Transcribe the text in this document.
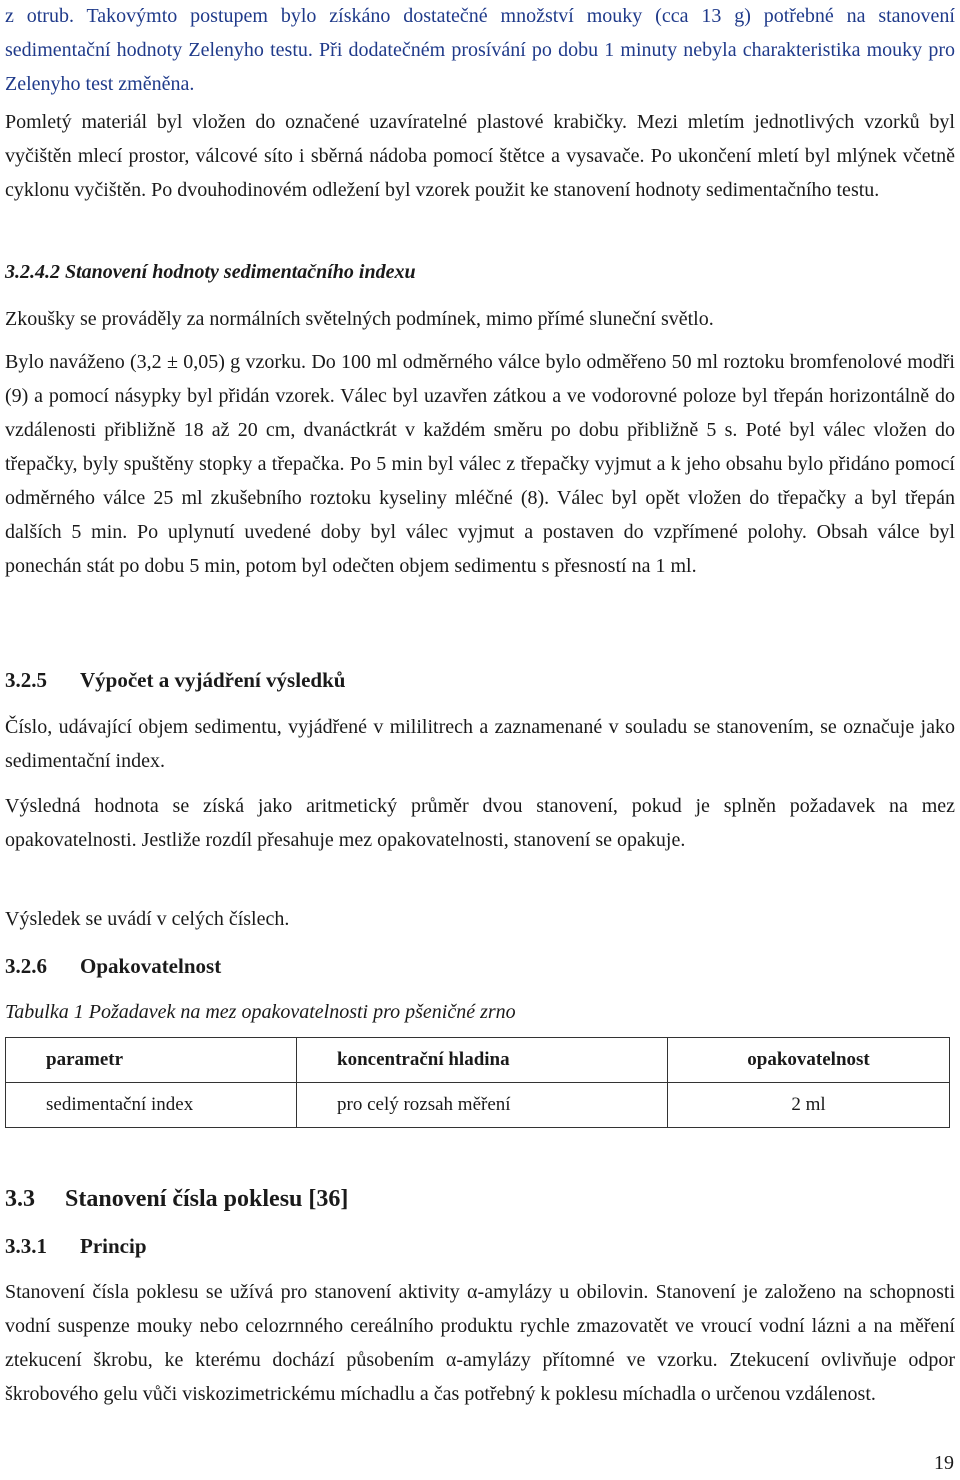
z otrub. Takovýmto postupem bylo získáno dostatečné množství mouky (cca 13 g) potřebné na stanovení sedimentační hodnoty Zelenyho testu. Při dodatečném prosívání po dobu 1 minuty nebyla charakteristika mouky pro Zelenyho test změněna.

Pomletý materiál byl vložen do označené uzavíratelné plastové krabičky. Mezi mletím jednotlivých vzorků byl vyčištěn mlecí prostor, válcové síto i sběrná nádoba pomocí štětce a vysavače. Po ukončení mletí byl mlýnek včetně cyklonu vyčištěn. Po dvouhodinovém odležení byl vzorek použit ke stanovení hodnoty sedimentačního testu.

3.2.4.2 Stanovení hodnoty sedimentačního indexu

Zkoušky se prováděly za normálních světelných podmínek, mimo přímé sluneční světlo.

Bylo naváženo (3,2 ± 0,05) g vzorku. Do 100 ml odměrného válce bylo odměřeno 50 ml roztoku bromfenolové modři (9) a pomocí násypky byl přidán vzorek. Válec byl uzavřen zátkou a ve vodorovné poloze byl třepán horizontálně do vzdálenosti přibližně 18 až 20 cm, dvanáctkrát v každém směru po dobu přibližně 5 s. Poté byl válec vložen do třepačky, byly spuštěny stopky a třepačka. Po 5 min byl válec z třepačky vyjmut a k jeho obsahu bylo přidáno pomocí odměrného válce 25 ml zkušebního roztoku kyseliny mléčné (8). Válec byl opět vložen do třepačky a byl třepán dalších 5 min. Po uplynutí uvedené doby byl válec vyjmut a postaven do vzpřímené polohy. Obsah válce byl ponechán stát po dobu 5 min, potom byl odečten objem sedimentu s přesností na 1 ml.

3.2.5 Výpočet a vyjádření výsledků

Číslo, udávající objem sedimentu, vyjádřené v mililitrech a zaznamenané v souladu se stanovením, se označuje jako sedimentační index.

Výsledná hodnota se získá jako aritmetický průměr dvou stanovení, pokud je splněn požadavek na mez opakovatelnosti. Jestliže rozdíl přesahuje mez opakovatelnosti, stanovení se opakuje.

Výsledek se uvádí v celých číslech.

3.2.6 Opakovatelnost

Tabulka 1 Požadavek na mez opakovatelnosti pro pšeničné zrno

parametr	koncentrační hladina	opakovatelnost
sedimentační index	pro celý rozsah měření	2 ml
3.3 Stanovení čísla poklesu [36]
3.3.1 Princip

Stanovení čísla poklesu se užívá pro stanovení aktivity α-amylázy u obilovin. Stanovení je založeno na schopnosti vodní suspenze mouky nebo celozrnného cereálního produktu rychle zmazovatět ve vroucí vodní lázni a na měření ztekucení škrobu, ke kterému dochází působením α-amylázy přítomné ve vzorku. Ztekucení ovlivňuje odpor škrobového gelu vůči viskozimetrickému míchadlu a čas potřebný k poklesu míchadla o určenou vzdálenost.

19
